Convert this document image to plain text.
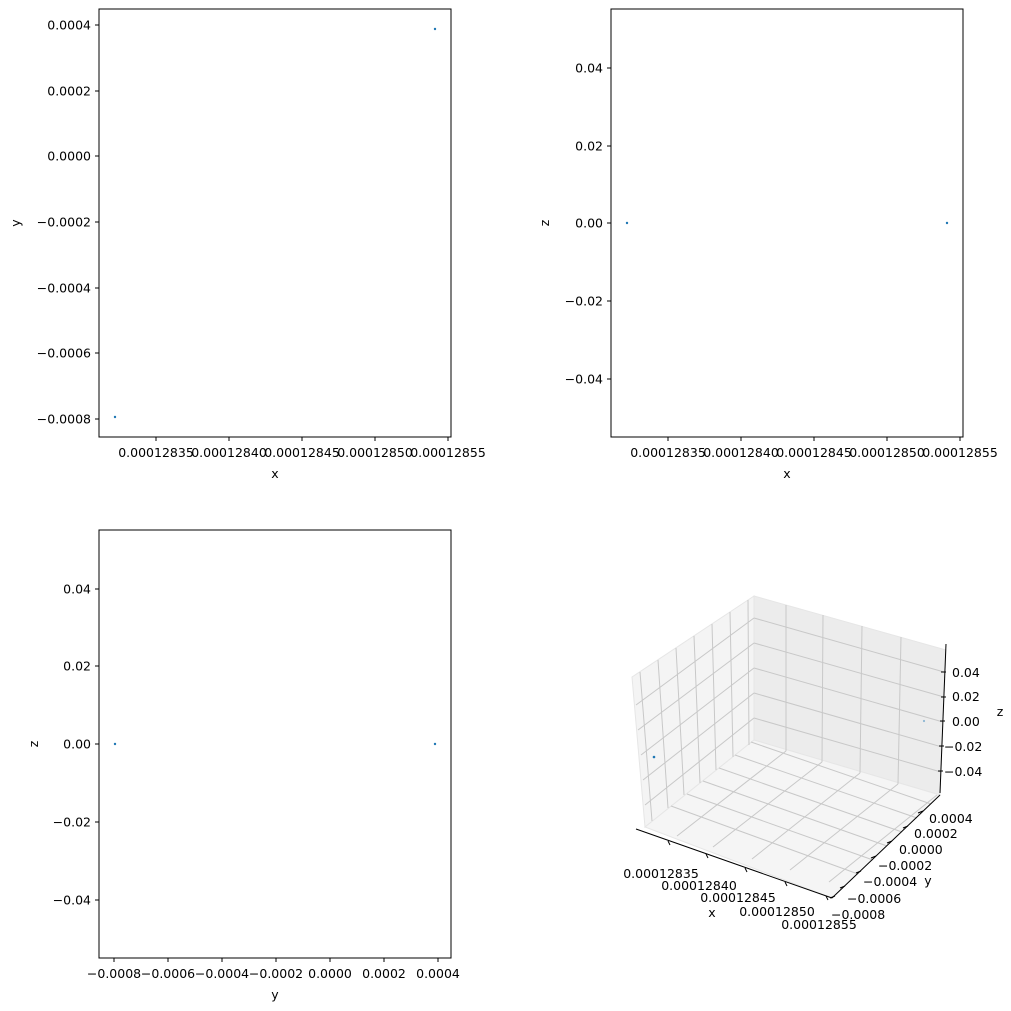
0.0004
0.0002
0.0000
−0.0002
−0.0004
−0.0006
−0.0008
0.00012835
0.00012840
0.00012845
0.00012850
0.00012855
x
y
0.04
0.02
0.00
−0.02
−0.04
0.00012835
0.00012840
0.00012845
0.00012850
0.00012855
x
z
0.04
0.02
0.00
−0.02
−0.04
−0.0008 −0.0006 −0.0004 −0.0002 0.0000 0.0002 0.0004
y
z
0.00012835
0.00012840
0.00012845
0.00012850
0.00012855
x
0.0004
0.0002
0.0000
−0.0002
−0.0004
−0.0006
−0.0008
y
0.04
0.02
0.00
−0.02
−0.04
z
